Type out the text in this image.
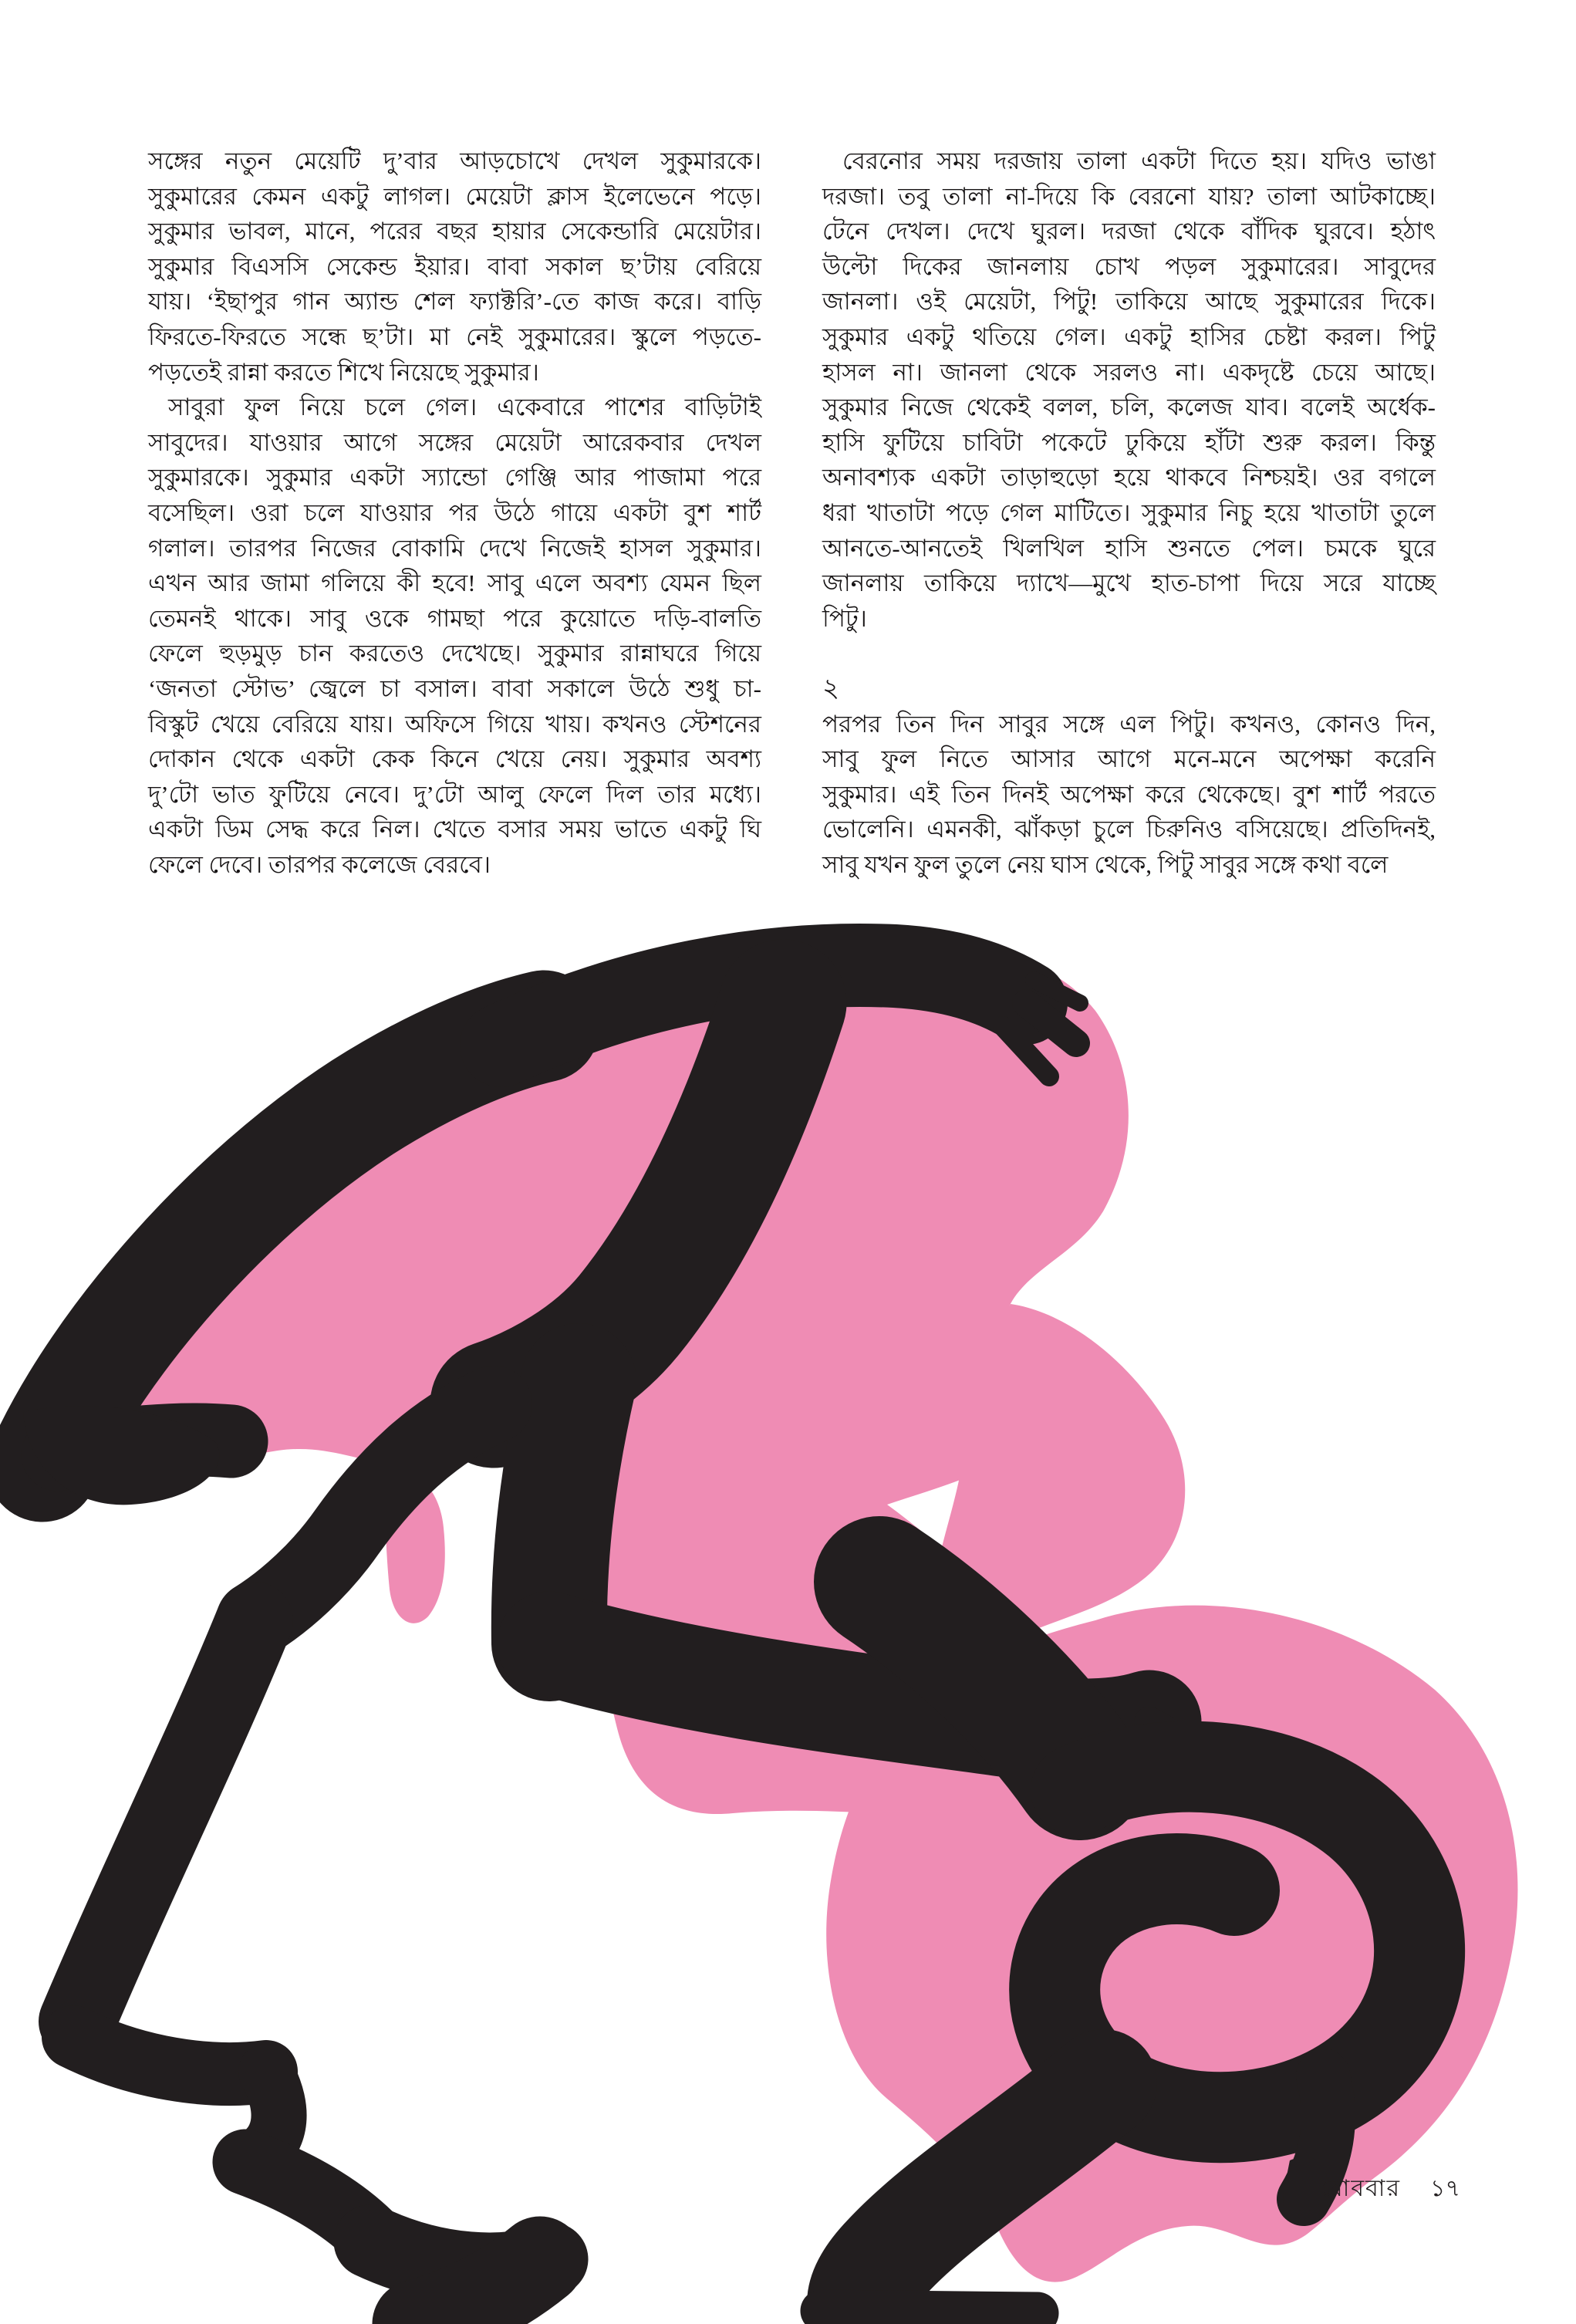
সঙ্গের নতুন মেয়েটি দু’বার আড়চোখে দেখল সুকুমারকে।
সুকুমারের কেমন একটু লাগল। মেয়েটা ক্লাস ইলেভেনে পড়ে।
সুকুমার ভাবল, মানে, পরের বছর হায়ার সেকেন্ডারি মেয়েটার।
সুকুমার বিএসসি সেকেন্ড ইয়ার। বাবা সকাল ছ’টায় বেরিয়ে
যায়। ‘ইছাপুর গান অ্যান্ড শেল ফ্যাক্টরি’-তে কাজ করে। বাড়ি
ফিরতে-ফিরতে সন্ধে ছ’টা। মা নেই সুকুমারের। স্কুলে পড়তে-
পড়তেই রান্না করতে শিখে নিয়েছে সুকুমার।
সাবুরা ফুল নিয়ে চলে গেল। একেবারে পাশের বাড়িটাই
সাবুদের। যাওয়ার আগে সঙ্গের মেয়েটা আরেকবার দেখল
সুকুমারকে। সুকুমার একটা স্যান্ডো গেঞ্জি আর পাজামা পরে
বসেছিল। ওরা চলে যাওয়ার পর উঠে গায়ে একটা বুশ শার্ট
গলাল। তারপর নিজের বোকামি দেখে নিজেই হাসল সুকুমার।
এখন আর জামা গলিয়ে কী হবে! সাবু এলে অবশ্য যেমন ছিল
তেমনই থাকে। সাবু ওকে গামছা পরে কুয়োতে দড়ি-বালতি
ফেলে হুড়মুড় চান করতেও দেখেছে। সুকুমার রান্নাঘরে গিয়ে
‘জনতা স্টোভ’ জ্বেলে চা বসাল। বাবা সকালে উঠে শুধু চা-
বিস্কুট খেয়ে বেরিয়ে যায়। অফিসে গিয়ে খায়। কখনও স্টেশনের
দোকান থেকে একটা কেক কিনে খেয়ে নেয়। সুকুমার অবশ্য
দু’টো ভাত ফুটিয়ে নেবে। দু’টো আলু ফেলে দিল তার মধ্যে।
একটা ডিম সেদ্ধ করে নিল। খেতে বসার সময় ভাতে একটু ঘি
ফেলে দেবে। তারপর কলেজে বেরবে।
বেরনোর সময় দরজায় তালা একটা দিতে হয়। যদিও ভাঙা
দরজা। তবু তালা না-দিয়ে কি বেরনো যায়? তালা আটকাচ্ছে।
টেনে দেখল। দেখে ঘুরল। দরজা থেকে বাঁদিক ঘুরবে। হঠাৎ
উল্টো দিকের জানলায় চোখ পড়ল সুকুমারের। সাবুদের
জানলা। ওই মেয়েটা, পিটু! তাকিয়ে আছে সুকুমারের দিকে।
সুকুমার একটু থতিয়ে গেল। একটু হাসির চেষ্টা করল। পিটু
হাসল না। জানলা থেকে সরলও না। একদৃষ্টে চেয়ে আছে।
সুকুমার নিজে থেকেই বলল, চলি, কলেজ যাব। বলেই অর্ধেক-
হাসি ফুটিয়ে চাবিটা পকেটে ঢুকিয়ে হাঁটা শুরু করল। কিন্তু
অনাবশ্যক একটা তাড়াহুড়ো হয়ে থাকবে নিশ্চয়ই। ওর বগলে
ধরা খাতাটা পড়ে গেল মাটিতে। সুকুমার নিচু হয়ে খাতাটা তুলে
আনতে-আনতেই খিলখিল হাসি শুনতে পেল। চমকে ঘুরে
জানলায় তাকিয়ে দ্যাখে—মুখে হাত-চাপা দিয়ে সরে যাচ্ছে
পিটু।
২
পরপর তিন দিন সাবুর সঙ্গে এল পিটু। কখনও, কোনও দিন,
সাবু ফুল নিতে আসার আগে মনে-মনে অপেক্ষা করেনি
সুকুমার। এই তিন দিনই অপেক্ষা করে থেকেছে। বুশ শার্ট পরতে
ভোলেনি। এমনকী, ঝাঁকড়া চুলে চিরুনিও বসিয়েছে। প্রতিদিনই,
সাবু যখন ফুল তুলে নেয় ঘাস থেকে, পিটু সাবুর সঙ্গে কথা বলে
রোববার ১৭
